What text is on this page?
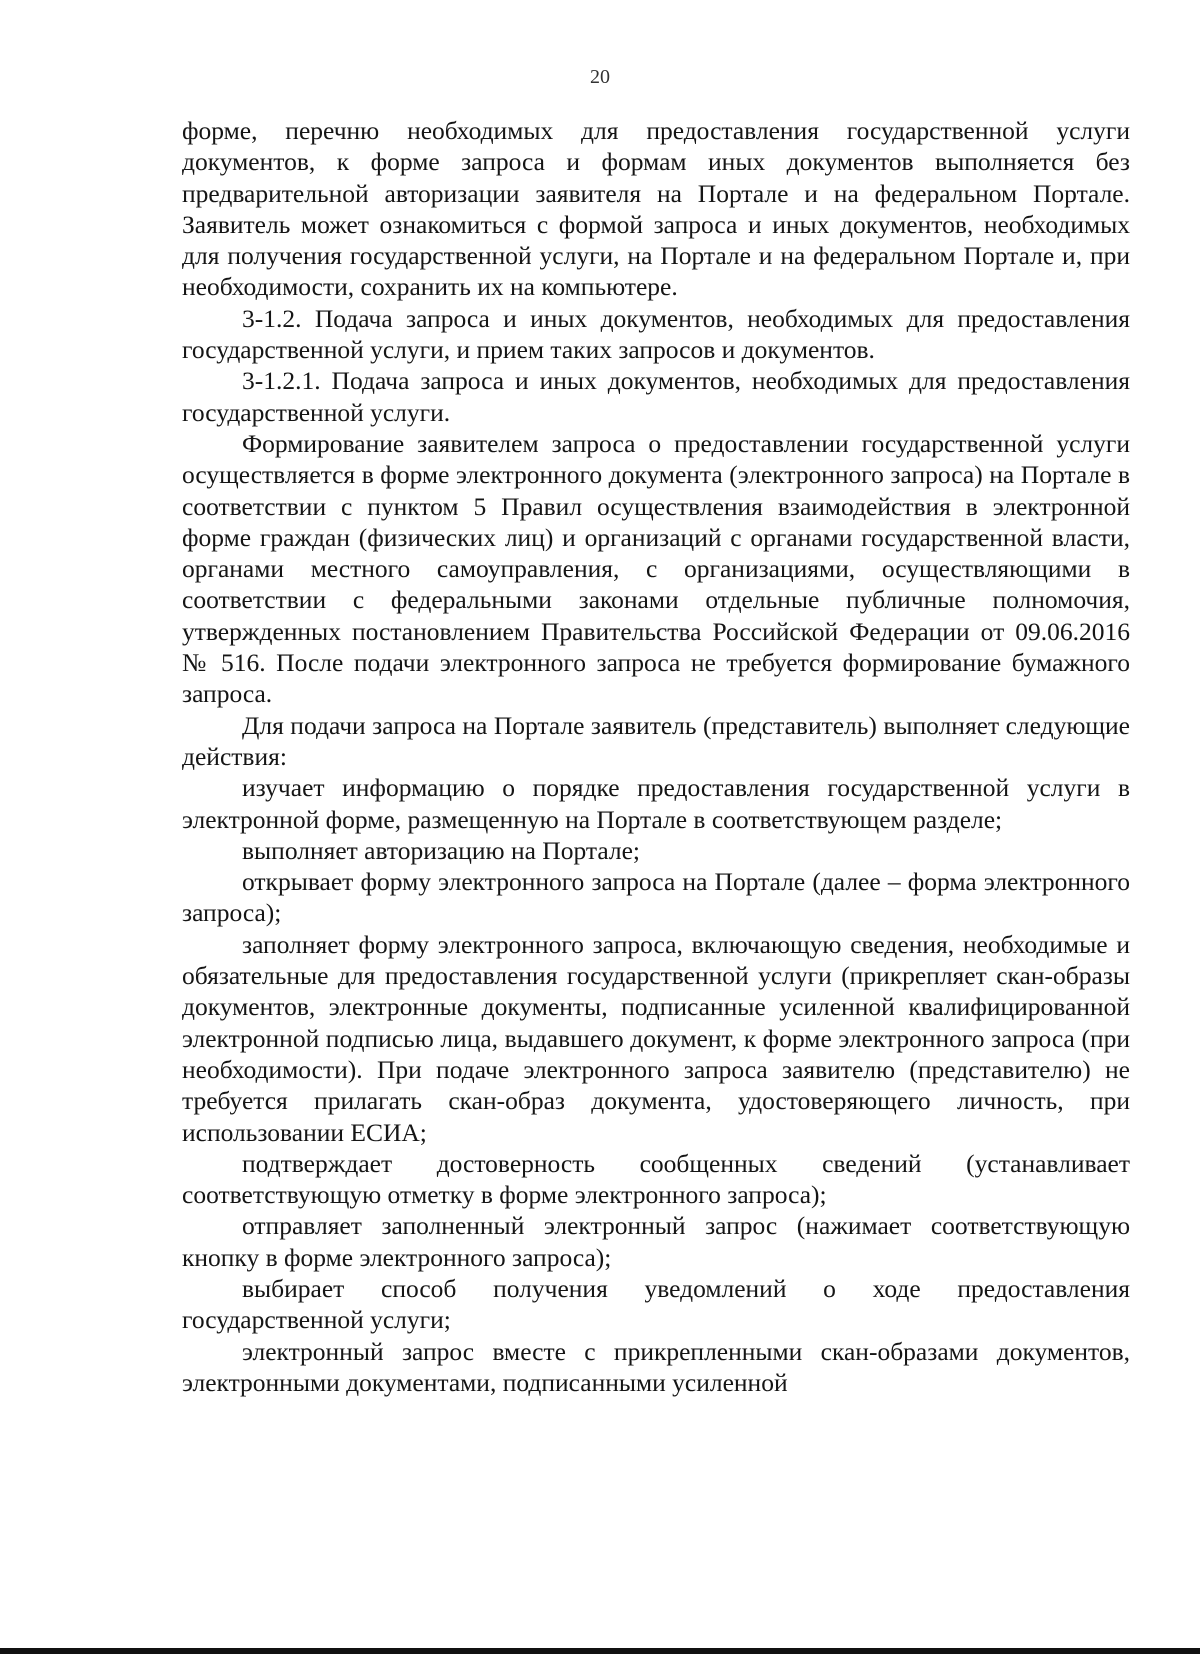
20

форме, перечню необходимых для предоставления государственной услуги документов, к форме запроса и формам иных документов выполняется без предварительной авторизации заявителя на Портале и на федеральном Портале. Заявитель может ознакомиться с формой запроса и иных документов, необходимых для получения государственной услуги, на Портале и на федеральном Портале и, при необходимости, сохранить их на компьютере.

3-1.2. Подача запроса и иных документов, необходимых для предоставления государственной услуги, и прием таких запросов и документов.

3-1.2.1. Подача запроса и иных документов, необходимых для предоставления государственной услуги.

Формирование заявителем запроса о предоставлении государственной услуги осуществляется в форме электронного документа (электронного запроса) на Портале в соответствии с пунктом 5 Правил осуществления взаимодействия в электронной форме граждан (физических лиц) и организаций с органами государственной власти, органами местного самоуправления, с организациями, осуществляющими в соответствии с федеральными законами отдельные публичные полномочия, утвержденных постановлением Правительства Российской Федерации от 09.06.2016 № 516. После подачи электронного запроса не требуется формирование бумажного запроса.

Для подачи запроса на Портале заявитель (представитель) выполняет следующие действия:

изучает информацию о порядке предоставления государственной услуги в электронной форме, размещенную на Портале в соответствующем разделе;

выполняет авторизацию на Портале;

открывает форму электронного запроса на Портале (далее – форма электронного запроса);

заполняет форму электронного запроса, включающую сведения, необходимые и обязательные для предоставления государственной услуги (прикрепляет скан-образы документов, электронные документы, подписанные усиленной квалифицированной электронной подписью лица, выдавшего документ, к форме электронного запроса (при необходимости). При подаче электронного запроса заявителю (представителю) не требуется прилагать скан-образ документа, удостоверяющего личность, при использовании ЕСИА;

подтверждает достоверность сообщенных сведений (устанавливает соответствующую отметку в форме электронного запроса);

отправляет заполненный электронный запрос (нажимает соответствующую кнопку в форме электронного запроса);

выбирает способ получения уведомлений о ходе предоставления государственной услуги;

электронный запрос вместе с прикрепленными скан-образами документов, электронными документами, подписанными усиленной
